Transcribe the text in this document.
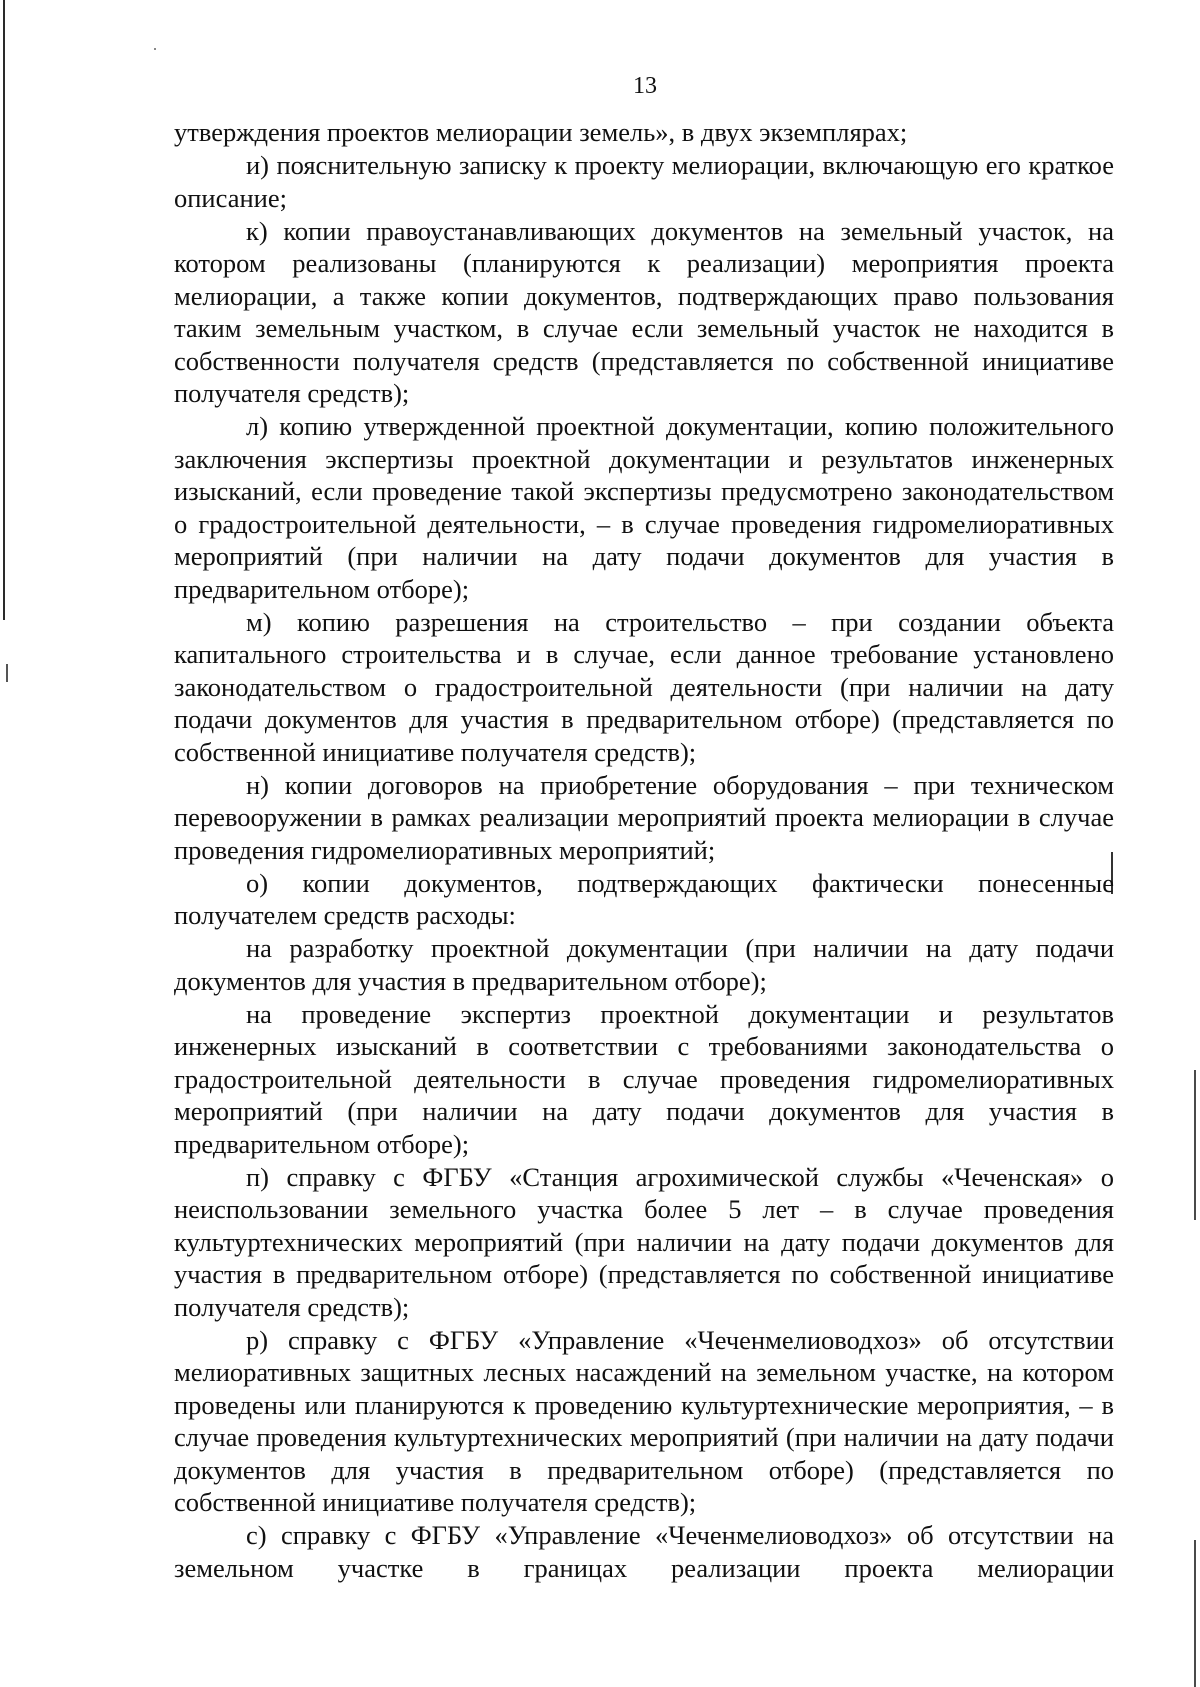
13

утверждения проектов мелиорации земель», в двух экземплярах;

и) пояснительную записку к проекту мелиорации, включающую его краткое описание;

к) копии правоустанавливающих документов на земельный участок, на котором реализованы (планируются к реализации) мероприятия проекта мелиорации, а также копии документов, подтверждающих право пользования таким земельным участком, в случае если земельный участок не находится в собственности получателя средств (представляется по собственной инициативе получателя средств);

л) копию утвержденной проектной документации, копию положительного заключения экспертизы проектной документации и результатов инженерных изысканий, если проведение такой экспертизы предусмотрено законодательством о градостроительной деятельности, – в случае проведения гидромелиоративных мероприятий (при наличии на дату подачи документов для участия в предварительном отборе);

м) копию разрешения на строительство – при создании объекта капитального строительства и в случае, если данное требование установлено законодательством о градостроительной деятельности (при наличии на дату подачи документов для участия в предварительном отборе) (представляется по собственной инициативе получателя средств);

н) копии договоров на приобретение оборудования – при техническом перевооружении в рамках реализации мероприятий проекта мелиорации в случае проведения гидромелиоративных мероприятий;

о) копии документов, подтверждающих фактически понесенные получателем средств расходы:

на разработку проектной документации (при наличии на дату подачи документов для участия в предварительном отборе);

на проведение экспертиз проектной документации и результатов инженерных изысканий в соответствии с требованиями законодательства о градостроительной деятельности в случае проведения гидромелиоративных мероприятий (при наличии на дату подачи документов для участия в предварительном отборе);

п) справку с ФГБУ «Станция агрохимической службы «Чеченская» о неиспользовании земельного участка более 5 лет – в случае проведения культуртехнических мероприятий (при наличии на дату подачи документов для участия в предварительном отборе) (представляется по собственной инициативе получателя средств);

р) справку с ФГБУ «Управление «Чеченмелиоводхоз» об отсутствии мелиоративных защитных лесных насаждений на земельном участке, на котором проведены или планируются к проведению культуртехнические мероприятия, – в случае проведения культуртехнических мероприятий (при наличии на дату подачи документов для участия в предварительном отборе) (представляется по собственной инициативе получателя средств);

с) справку с ФГБУ «Управление «Чеченмелиоводхоз» об отсутствии на земельном участке в границах реализации проекта мелиорации
